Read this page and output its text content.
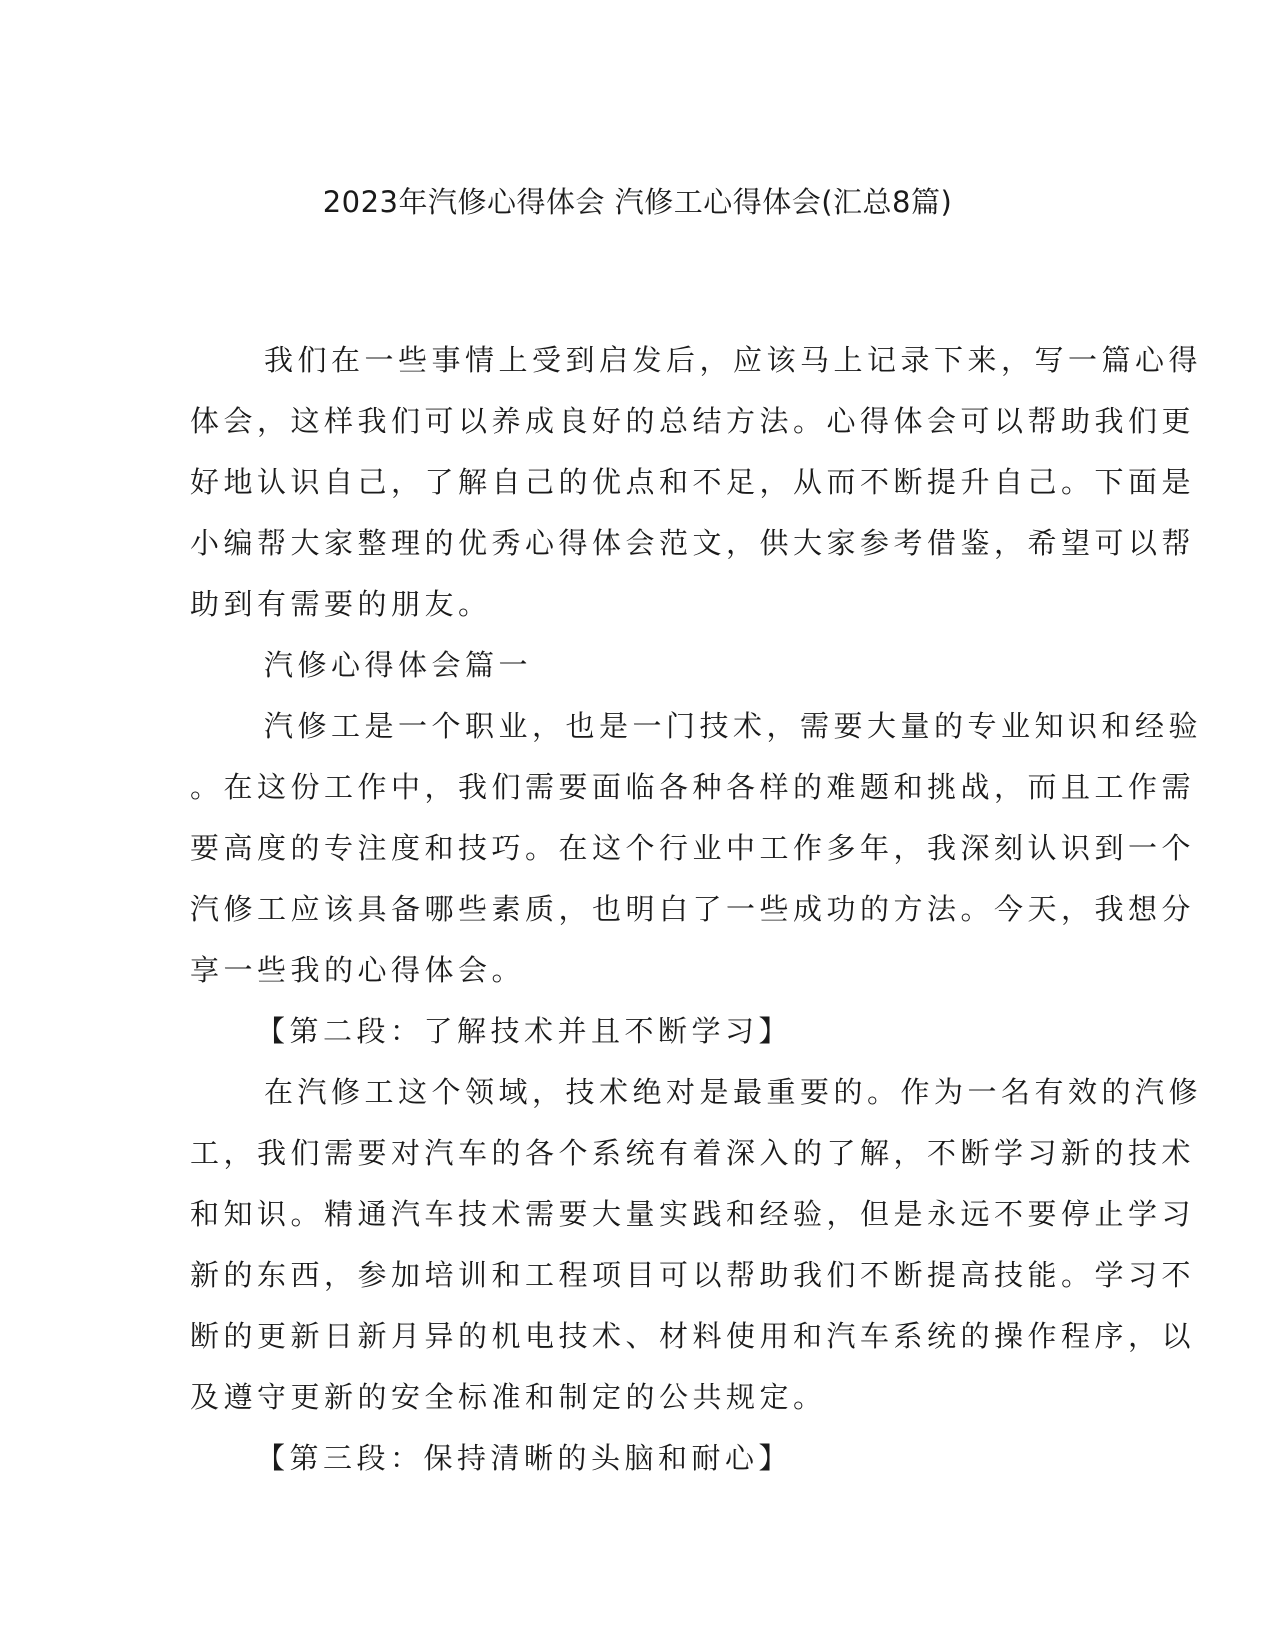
2023年汽修心得体会 汽修工心得体会(汇总8篇)
我们在一些事情上受到启发后，应该马上记录下来，写一篇心得
体会，这样我们可以养成良好的总结方法。心得体会可以帮助我们更
好地认识自己，了解自己的优点和不足，从而不断提升自己。下面是
小编帮大家整理的优秀心得体会范文，供大家参考借鉴，希望可以帮
助到有需要的朋友。
汽修心得体会篇一
汽修工是一个职业，也是一门技术，需要大量的专业知识和经验
。在这份工作中，我们需要面临各种各样的难题和挑战，而且工作需
要高度的专注度和技巧。在这个行业中工作多年，我深刻认识到一个
汽修工应该具备哪些素质，也明白了一些成功的方法。今天，我想分
享一些我的心得体会。
【第二段：了解技术并且不断学习】
在汽修工这个领域，技术绝对是最重要的。作为一名有效的汽修
工，我们需要对汽车的各个系统有着深入的了解，不断学习新的技术
和知识。精通汽车技术需要大量实践和经验，但是永远不要停止学习
新的东西，参加培训和工程项目可以帮助我们不断提高技能。学习不
断的更新日新月异的机电技术、材料使用和汽车系统的操作程序，以
及遵守更新的安全标准和制定的公共规定。
【第三段：保持清晰的头脑和耐心】
